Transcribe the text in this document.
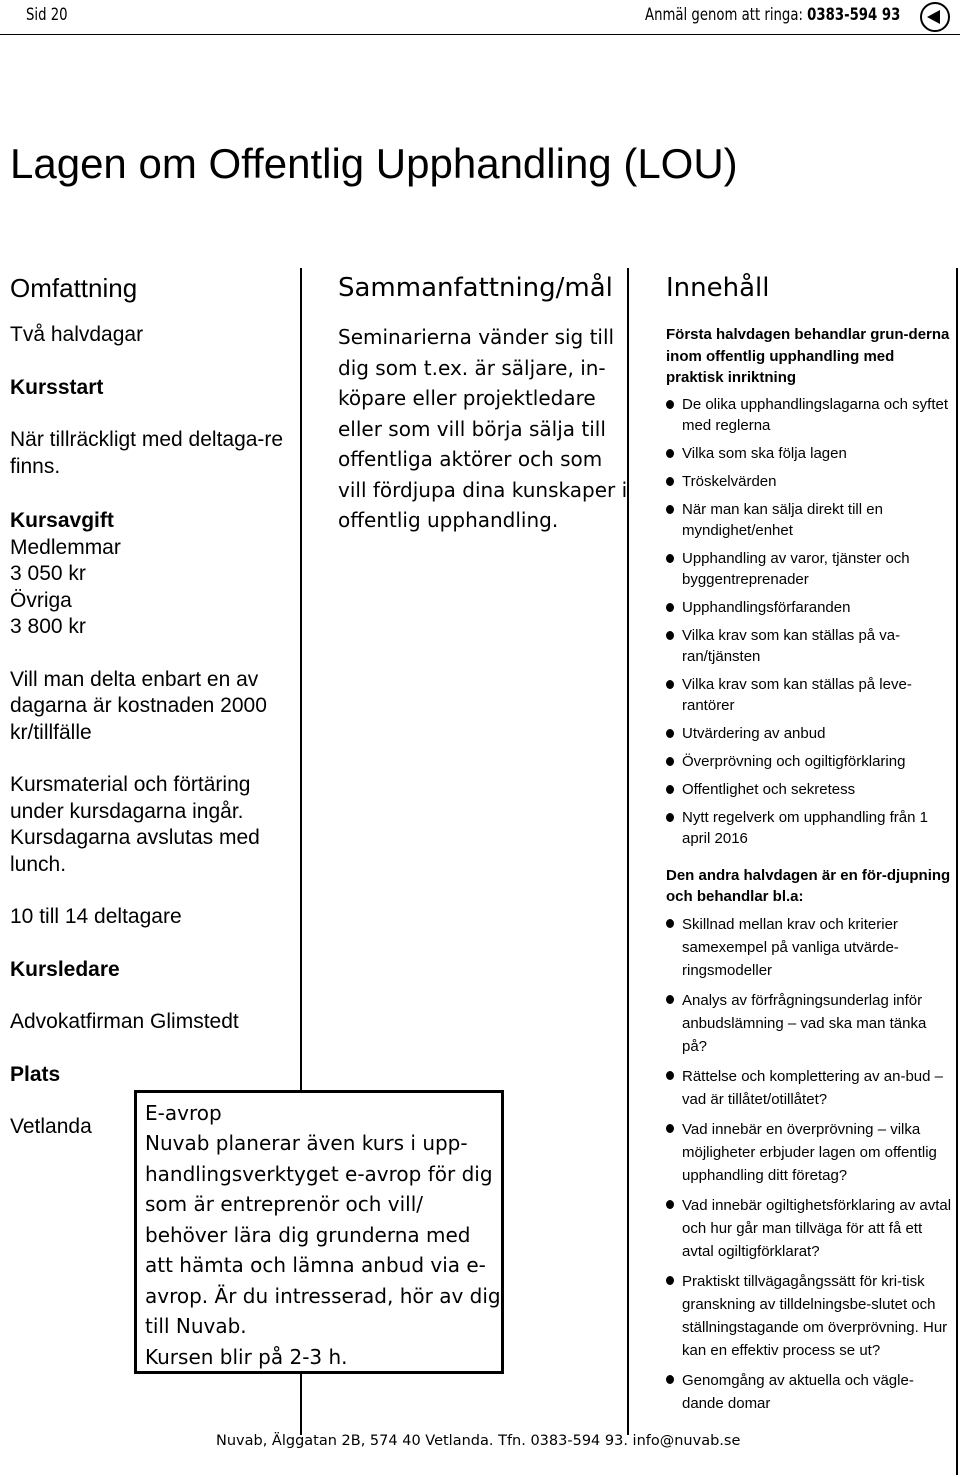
Sid 20	Anmäl genom att ringa: 0383-594 93
Lagen om Offentlig Upphandling (LOU)
Omfattning

Två halvdagar

Kursstart

När tillräckligt med deltaga-re finns.

Kursavgift

Medlemmar

3 050 kr

Övriga

3 800 kr

Vill man delta enbart en av dagarna är kostnaden 2000 kr/tillfälle

Kursmaterial och förtäring under kursdagarna ingår. Kursdagarna avslutas med lunch.

10 till 14 deltagare

Kursledare

Advokatfirman Glimstedt

Plats

Vetlanda

Sammanfattning/mål

Seminarierna vänder sig till dig som t.ex. är säljare, in-köpare eller projektledare eller som vill börja sälja till offentliga aktörer och som vill fördjupa dina kunskaper i offentlig upphandling.

Innehåll

Första halvdagen behandlar grun-derna inom offentlig upphandling med praktisk inriktning

De olika upphandlingslagarna och syftet med reglerna
Vilka som ska följa lagen
Tröskelvärden
När man kan sälja direkt till en myndighet/enhet
Upphandling av varor, tjänster och byggentreprenader
Upphandlingsförfaranden
Vilka krav som kan ställas på va-ran/tjänsten
Vilka krav som kan ställas på leve-rantörer
Utvärdering av anbud
Överprövning och ogiltigförklaring
Offentlighet och sekretess
Nytt regelverk om upphandling från 1 april 2016

Den andra halvdagen är en för-djupning och behandlar bl.a:

Skillnad mellan krav och kriterier samexempel på vanliga utvärde-ringsmodeller
Analys av förfrågningsunderlag inför anbudslämning – vad ska man tänka på?
Rättelse och komplettering av an-bud – vad är tillåtet/otillåtet?
Vad innebär en överprövning – vilka möjligheter erbjuder lagen om offentlig upphandling ditt företag?
Vad innebär ogiltighetsförklaring av avtal och hur går man tillväga för att få ett avtal ogiltigförklarat?
Praktiskt tillvägagångssätt för kri-tisk granskning av tilldelningsbe-slutet och ställningstagande om överprövning. Hur kan en effektiv process se ut?
Genomgång av aktuella och vägle-dande domar
E-avrop
Nuvab planerar även kurs i upp-handlingsverktyget e-avrop för dig som är entreprenör och vill/ behöver lära dig grunderna med att hämta och lämna anbud via e-avrop. Är du intresserad, hör av dig till Nuvab.
Kursen blir på 2-3 h.
Nuvab, Älggatan 2B, 574 40 Vetlanda. Tfn. 0383-594 93. info@nuvab.se
